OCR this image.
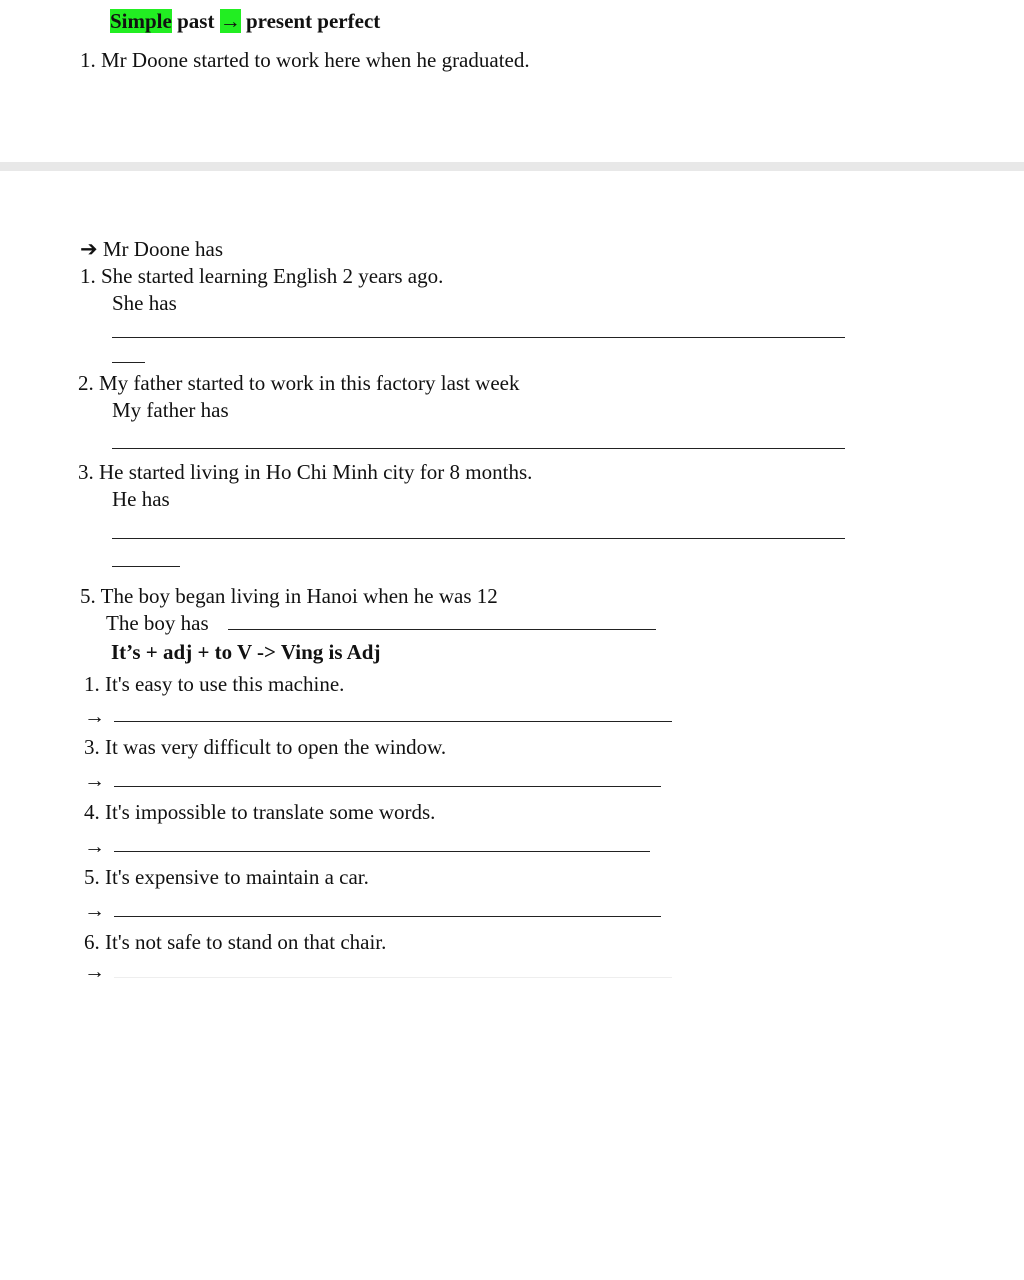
Simple past → present perfect
1. Mr Doone started to work here when he graduated.
➔ Mr Doone has
1. She started learning English 2 years ago.
She has
2. My father started to work in this factory last week
My father has
3. He started living in Ho Chi Minh city for 8 months.
He has
5. The boy began living in Hanoi when he was 12
The boy has
It’s + adj + to V -> Ving is Adj
1. It's easy to use this machine.
→
3. It was very difficult to open the window.
→
4. It's impossible to translate some words.
→
5. It's expensive to maintain a car.
→
6. It's not safe to stand on that chair.
→
